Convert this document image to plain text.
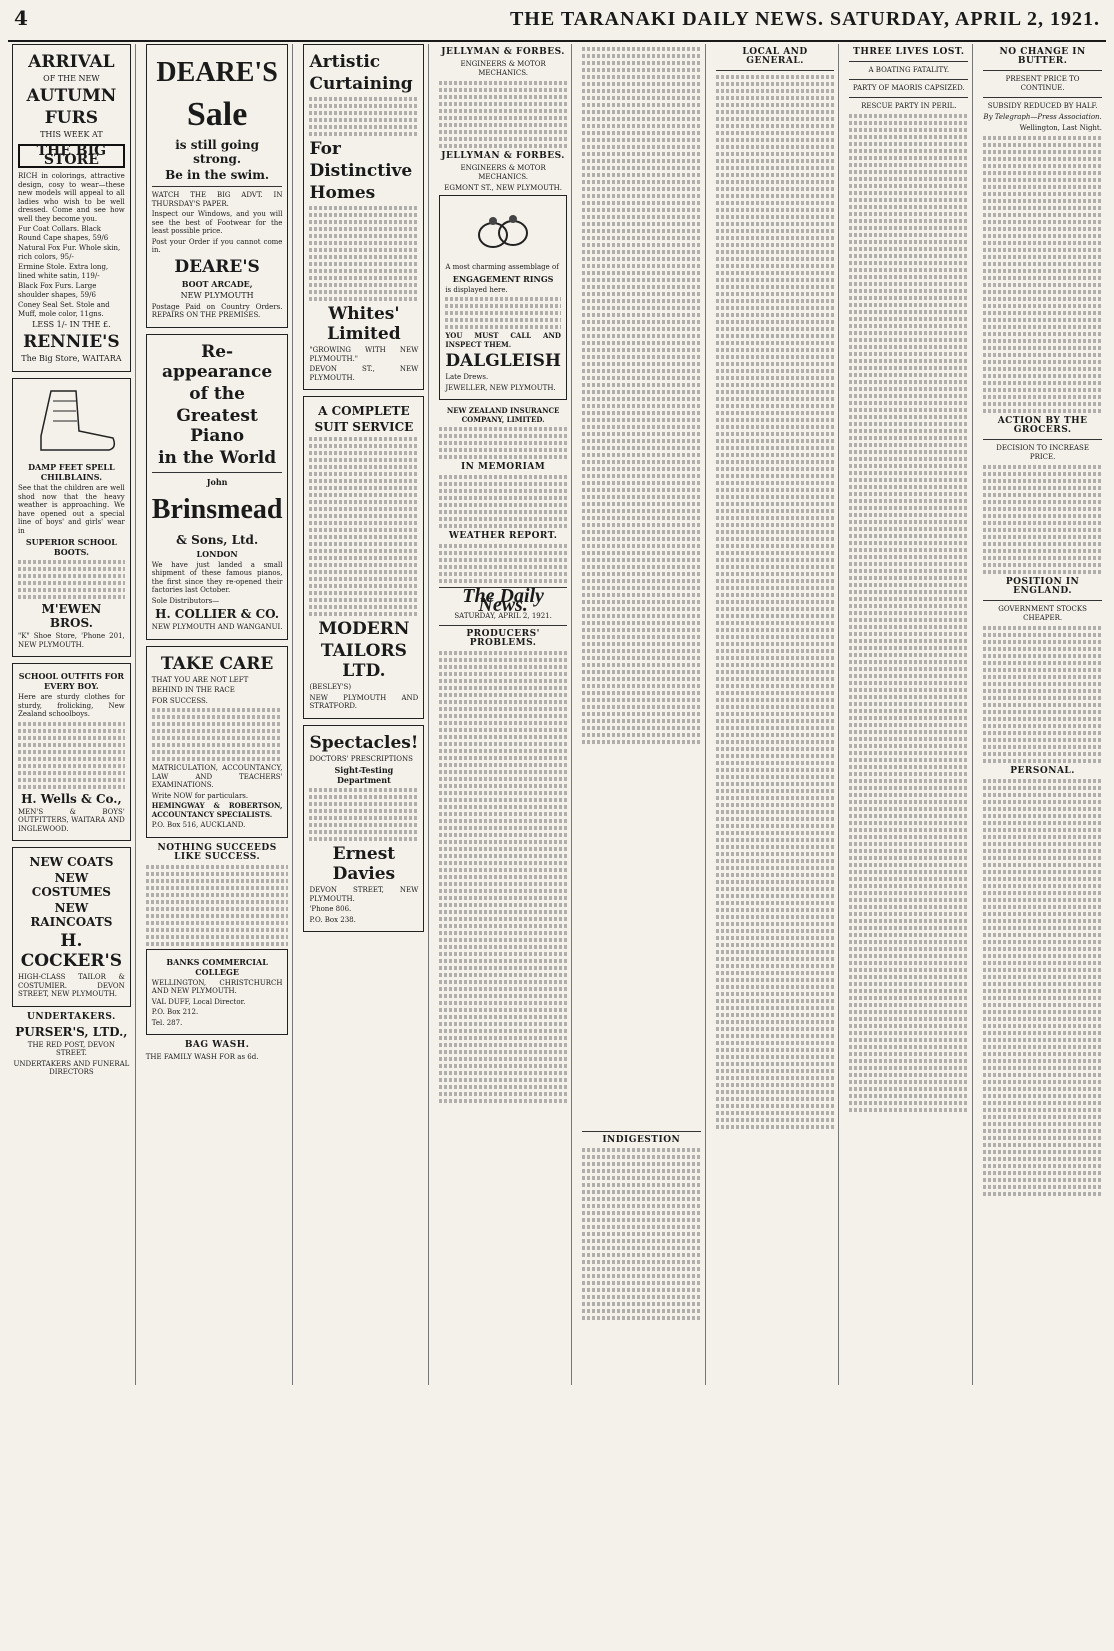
4	THE TARANAKI DAILY NEWS. SATURDAY, APRIL 2, 1921.
ARRIVAL
OF THE NEW
AUTUMN
FURS
THIS WEEK AT
THE BIG STORE
RICH in colorings, attractive design, cosy to wear—these new models will appeal to all ladies who wish to be well dressed. Come and see how well they become you.
Fur Coat Collars. Black Round Cape shapes, 59/6
Natural Fox Fur. Whole skin, rich colors, 95/-
Ermine Stole. Extra long, lined white satin, 119/-
Black Fox Furs. Large shoulder shapes, 59/6
Coney Seal Set. Stole and Muff, mole color, 11gns.
LESS 1/- IN THE £.
RENNIE'S
The Big Store, WAITARA
DAMP FEET SPELL CHILBLAINS.
See that the children are well shod now that the heavy weather is approaching. We have opened out a special line of boys' and girls' wear in
SUPERIOR SCHOOL BOOTS.
M'EWEN BROS.
"K" Shoe Store, 'Phone 201, NEW PLYMOUTH.
SCHOOL OUTFITS FOR EVERY BOY.
Here are sturdy clothes for sturdy, frolicking, New Zealand schoolboys.
H. Wells & Co.,
MEN'S & BOYS' OUTFITTERS, WAITARA AND INGLEWOOD.
NEW COATS
NEW COSTUMES
NEW RAINCOATS
H. COCKER'S
HIGH-CLASS TAILOR & COSTUMIER. DEVON STREET, NEW PLYMOUTH.
UNDERTAKERS.
PURSER'S, LTD.,
THE RED POST, DEVON STREET.
UNDERTAKERS AND FUNERAL DIRECTORS
DEARE'S
Sale
is still going strong.
Be in the swim.
WATCH THE BIG ADVT. IN THURSDAY'S PAPER.
Inspect our Windows, and you will see the best of Footwear for the least possible price.
Post your Order if you cannot come in.
DEARE'S
BOOT ARCADE,
NEW PLYMOUTH
Postage Paid on Country Orders. REPAIRS ON THE PREMISES.
Re-appearance
of the
Greatest Piano
in the World
John
Brinsmead
& Sons, Ltd.
LONDON
We have just landed a small shipment of these famous pianos, the first since they re-opened their factories last October.
Sole Distributors—
H. COLLIER & CO.
NEW PLYMOUTH AND WANGANUI.
TAKE CARE
THAT YOU ARE NOT LEFT
BEHIND IN THE RACE
FOR SUCCESS.
MATRICULATION, ACCOUNTANCY, LAW AND TEACHERS' EXAMINATIONS.
Write NOW for particulars.
HEMINGWAY & ROBERTSON, ACCOUNTANCY SPECIALISTS.
P.O. Box 516, AUCKLAND.
NOTHING SUCCEEDS LIKE SUCCESS.
BANKS COMMERCIAL COLLEGE
WELLINGTON, CHRISTCHURCH AND NEW PLYMOUTH.
VAL DUFF, Local Director.
P.O. Box 212.
Tel. 287.
BAG WASH.
THE FAMILY WASH FOR as 6d.
Artistic
Curtaining
For
Distinctive
Homes
Whites' Limited
"GROWING WITH NEW PLYMOUTH."
DEVON ST., NEW PLYMOUTH.
A COMPLETE
SUIT SERVICE
MODERN
TAILORS LTD.
(BESLEY'S)
NEW PLYMOUTH AND STRATFORD.
Spectacles!
DOCTORS' PRESCRIPTIONS
Sight-Testing Department
Ernest Davies
DEVON STREET, NEW PLYMOUTH.
'Phone 806.
P.O. Box 238.
JELLYMAN & FORBES.
ENGINEERS & MOTOR MECHANICS.
JELLYMAN & FORBES.
ENGINEERS & MOTOR MECHANICS.
EGMONT ST., NEW PLYMOUTH.
A most charming assemblage of
ENGAGEMENT RINGS
is displayed here.
YOU MUST CALL AND INSPECT THEM.
DALGLEISH
Late Drews.
JEWELLER, NEW PLYMOUTH.
NEW ZEALAND INSURANCE COMPANY, LIMITED.
IN MEMORIAM
WEATHER REPORT.
The Daily News.
SATURDAY, APRIL 2, 1921.
PRODUCERS' PROBLEMS.
INDIGESTION
LOCAL AND GENERAL.
THREE LIVES LOST.
A BOATING FATALITY.
PARTY OF MAORIS CAPSIZED.
RESCUE PARTY IN PERIL.
NO CHANGE IN BUTTER.
PRESENT PRICE TO CONTINUE.
SUBSIDY REDUCED BY HALF.
By Telegraph—Press Association.
Wellington, Last Night.
ACTION BY THE GROCERS.
DECISION TO INCREASE PRICE.
POSITION IN ENGLAND.
GOVERNMENT STOCKS CHEAPER.
PERSONAL.
